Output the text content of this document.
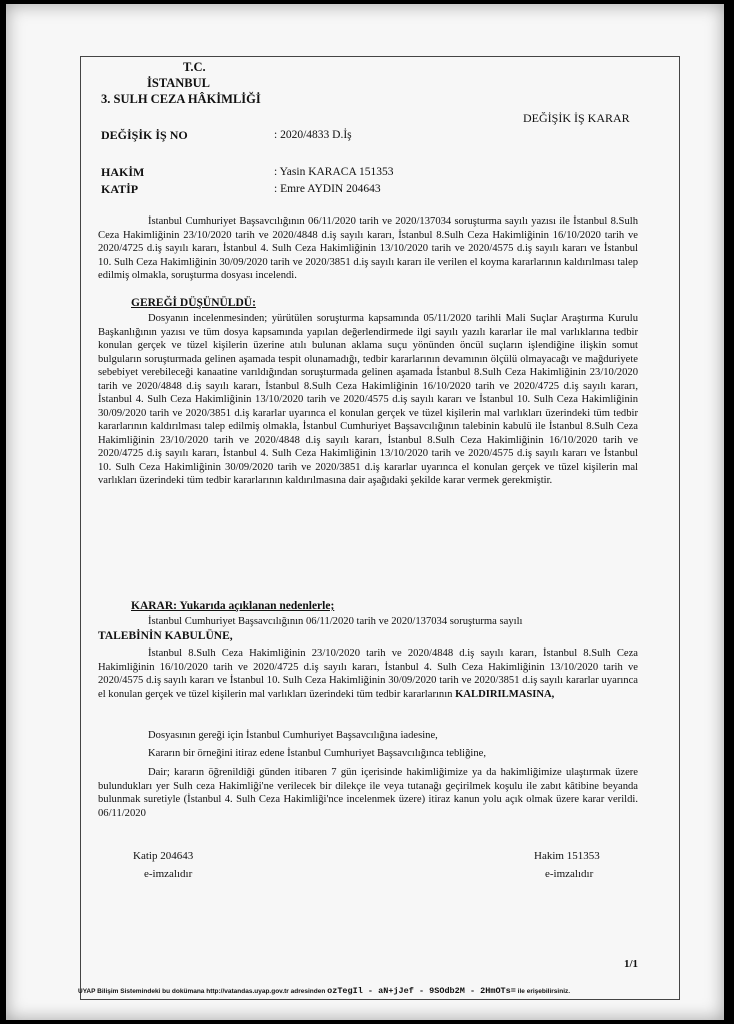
T.C.
İSTANBUL
3. SULH CEZA HÂKİMLİĞİ
DEĞİŞİK İŞ KARAR
DEĞİŞİK İŞ NO	: 2020/4833 D.İş
HAKİM	: Yasin KARACA 151353
KATİP	: Emre AYDIN 204643
İstanbul Cumhuriyet Başsavcılığının 06/11/2020 tarih ve 2020/137034 soruşturma sayılı yazısı ile İstanbul 8.Sulh Ceza Hakimliğinin 23/10/2020 tarih ve 2020/4848 d.iş sayılı kararı, İstanbul 8.Sulh Ceza Hakimliğinin 16/10/2020 tarih ve 2020/4725 d.iş sayılı kararı, İstanbul 4. Sulh Ceza Hakimliğinin 13/10/2020 tarih ve 2020/4575 d.iş sayılı kararı ve İstanbul 10. Sulh Ceza Hakimliğinin 30/09/2020 tarih ve 2020/3851 d.iş sayılı kararı ile verilen el koyma kararlarının kaldırılması talep edilmiş olmakla, soruşturma dosyası incelendi.
GEREĞİ DÜŞÜNÜLDÜ:
Dosyanın incelenmesinden; yürütülen soruşturma kapsamında 05/11/2020 tarihli Mali Suçlar Araştırma Kurulu Başkanlığının yazısı ve tüm dosya kapsamında yapılan değerlendirmede ilgi sayılı yazılı kararlar ile mal varlıklarına tedbir konulan gerçek ve tüzel kişilerin üzerine atılı bulunan aklama suçu yönünden öncül suçların işlendiğine ilişkin somut bulguların soruşturmada gelinen aşamada tespit olunamadığı, tedbir kararlarının devamının ölçülü olmayacağı ve mağduriyete sebebiyet verebileceği kanaatine varıldığından soruşturmada gelinen aşamada İstanbul 8.Sulh Ceza Hakimliğinin 23/10/2020 tarih ve 2020/4848 d.iş sayılı kararı, İstanbul 8.Sulh Ceza Hakimliğinin 16/10/2020 tarih ve 2020/4725 d.iş sayılı kararı, İstanbul 4. Sulh Ceza Hakimliğinin 13/10/2020 tarih ve 2020/4575 d.iş sayılı kararı ve İstanbul 10. Sulh Ceza Hakimliğinin 30/09/2020 tarih ve 2020/3851 d.iş kararlar uyarınca el konulan gerçek ve tüzel kişilerin mal varlıkları üzerindeki tüm tedbir kararlarının kaldırılması talep edilmiş olmakla, İstanbul Cumhuriyet Başsavcılığının talebinin kabulü ile İstanbul 8.Sulh Ceza Hakimliğinin 23/10/2020 tarih ve 2020/4848 d.iş sayılı kararı, İstanbul 8.Sulh Ceza Hakimliğinin 16/10/2020 tarih ve 2020/4725 d.iş sayılı kararı, İstanbul 4. Sulh Ceza Hakimliğinin 13/10/2020 tarih ve 2020/4575 d.iş sayılı kararı ve İstanbul 10. Sulh Ceza Hakimliğinin 30/09/2020 tarih ve 2020/3851 d.iş kararlar uyarınca el konulan gerçek ve tüzel kişilerin mal varlıkları üzerindeki tüm tedbir kararlarının kaldırılmasına dair aşağıdaki şekilde karar vermek gerekmiştir.
KARAR: Yukarıda açıklanan nedenlerle;
İstanbul Cumhuriyet Başsavcılığının 06/11/2020 tarih ve 2020/137034 soruşturma sayılı
TALEBİNİN KABULÜNE,
İstanbul 8.Sulh Ceza Hakimliğinin 23/10/2020 tarih ve 2020/4848 d.iş sayılı kararı, İstanbul 8.Sulh Ceza Hakimliğinin 16/10/2020 tarih ve 2020/4725 d.iş sayılı kararı, İstanbul 4. Sulh Ceza Hakimliğinin 13/10/2020 tarih ve 2020/4575 d.iş sayılı kararı ve İstanbul 10. Sulh Ceza Hakimliğinin 30/09/2020 tarih ve 2020/3851 d.iş sayılı kararlar uyarınca el konulan gerçek ve tüzel kişilerin mal varlıkları üzerindeki tüm tedbir kararlarının KALDIRILMASINA,
Dosyasının gereği için İstanbul Cumhuriyet Başsavcılığına iadesine,
Kararın bir örneğini itiraz edene İstanbul Cumhuriyet Başsavcılığınca tebliğine,
Dair; kararın öğrenildiği günden itibaren 7 gün içerisinde hakimliğimize ya da hakimliğimize ulaştırmak üzere bulundukları yer Sulh ceza Hakimliği'ne verilecek bir dilekçe ile veya tutanağı geçirilmek koşulu ile zabıt kâtibine beyanda bulunmak suretiyle (İstanbul 4. Sulh Ceza Hakimliği'nce incelenmek üzere) itiraz kanun yolu açık olmak üzere karar verildi. 06/11/2020
Katip 204643
e-imzalıdır
Hakim 151353
e-imzalıdır
1/1
UYAP Bilişim Sistemindeki bu dokümana http://vatandas.uyap.gov.tr adresinden ozTegIl - aN+jJef - 9SOdb2M - 2HmOTs= ile erişebilirsiniz.
